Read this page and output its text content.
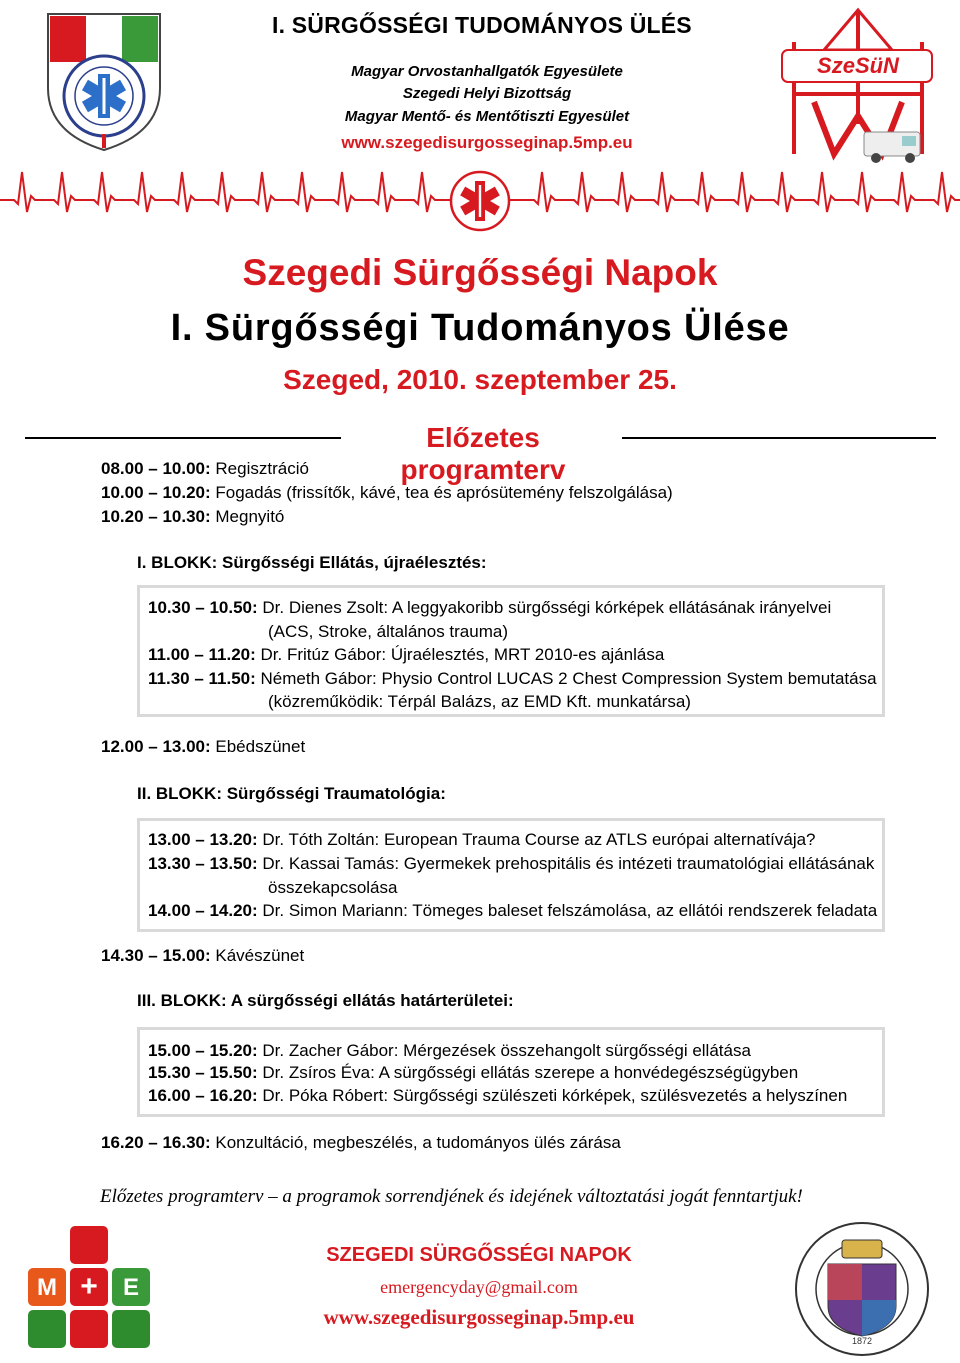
I. SÜRGŐSSÉGI TUDOMÁNYOS ÜLÉS
Magyar Orvostanhallgatók Egyesülete
Szegedi Helyi Bizottság
Magyar Mentő- és Mentőtiszti Egyesület
www.szegedisurgosseginap.5mp.eu
SzeSüN
Szegedi Sürgősségi Napok
I. Sürgősségi Tudományos Ülése
Szeged, 2010. szeptember 25.
Előzetes programterv
08.00 – 10.00: Regisztráció
10.00 – 10.20: Fogadás (frissítők, kávé, tea és aprósütemény felszolgálása)
10.20 – 10.30: Megnyitó
I. BLOKK: Sürgősségi Ellátás, újraélesztés:
10.30 – 10.50: Dr. Dienes Zsolt: A leggyakoribb sürgősségi kórképek ellátásának irányelvei
(ACS, Stroke, általános trauma)
11.00 – 11.20: Dr. Fritúz Gábor: Újraélesztés, MRT 2010-es ajánlása
11.30 – 11.50: Németh Gábor: Physio Control LUCAS 2 Chest Compression System bemutatása
(közreműködik: Térpál Balázs, az EMD Kft. munkatársa)
12.00 – 13.00: Ebédszünet
II. BLOKK: Sürgősségi Traumatológia:
13.00 – 13.20: Dr. Tóth Zoltán: European Trauma Course az ATLS európai alternatívája?
13.30 – 13.50: Dr. Kassai Tamás: Gyermekek prehospitális és intézeti traumatológiai ellátásának
összekapcsolása
14.00 – 14.20: Dr. Simon Mariann: Tömeges baleset felszámolása, az ellátói rendszerek feladata
14.30 – 15.00: Kávészünet
III. BLOKK: A sürgősségi ellátás határterületei:
15.00 – 15.20: Dr. Zacher Gábor: Mérgezések összehangolt sürgősségi ellátása
15.30 – 15.50: Dr. Zsíros Éva: A sürgősségi ellátás szerepe a honvédegészségügyben
16.00 – 16.20: Dr. Póka Róbert: Sürgősségi szülészeti kórképek, szülésvezetés a helyszínen
16.20 – 16.30: Konzultáció, megbeszélés, a tudományos ülés zárása
Előzetes programterv – a programok sorrendjének és idejének változtatási jogát fenntartjuk!
M +	E
SZEGEDI SÜRGŐSSÉGI NAPOK
emergencyday@gmail.com
www.szegedisurgosseginap.5mp.eu
1872
